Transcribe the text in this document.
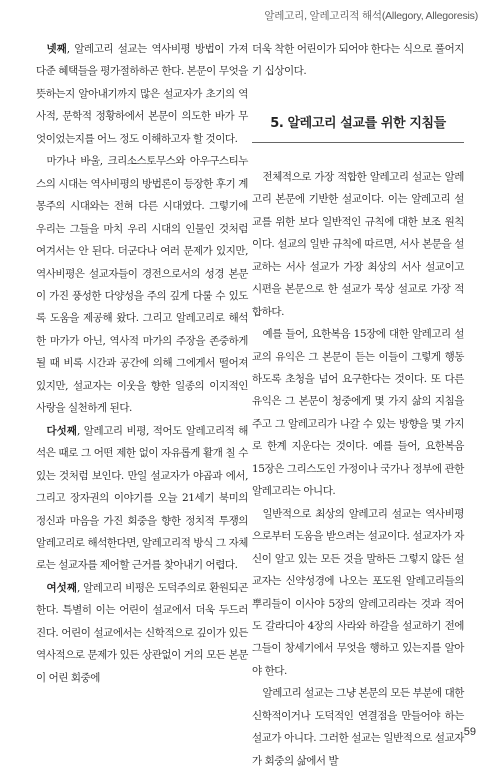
알레고리, 알레고리적 해석(Allegory, Allegoresis)

넷째, 알레고리 설교는 역사비평 방법이 가져다준 혜택들을 평가절하하곤 한다. 본문이 무엇을 뜻하는지 알아내기까지 많은 설교자가 초기의 역사적, 문학적 정황하에서 본문이 의도한 바가 무엇이었는지를 어느 정도 이해하고자 할 것이다.

마가나 바울, 크리소스토무스와 아우구스티누스의 시대는 역사비평의 방법론이 등장한 후기 계몽주의 시대와는 전혀 다른 시대였다. 그렇기에 우리는 그들을 마치 우리 시대의 인물인 것처럼 여겨서는 안 된다. 더군다나 여러 문제가 있지만, 역사비평은 설교자들이 경전으로서의 성경 본문이 가진 풍성한 다양성을 주의 깊게 다룰 수 있도록 도움을 제공해 왔다. 그리고 알레고리로 해석한 마가가 아닌, 역사적 마가의 주장을 존중하게 될 때 비록 시간과 공간에 의해 그에게서 떨어져 있지만, 설교자는 이웃을 향한 일종의 이지적인 사랑을 실천하게 된다.

다섯째, 알레고리 비평, 적어도 알레고리적 해석은 때로 그 어떤 제한 없이 자유롭게 활개 칠 수 있는 것처럼 보인다. 만일 설교자가 야곱과 에서, 그리고 장자권의 이야기를 오늘 21세기 북미의 정신과 마음을 가진 회중을 향한 정치적 투쟁의 알레고리로 해석한다면, 알레고리적 방식 그 자체로는 설교자를 제어할 근거를 찾아내기 어렵다.

여섯째, 알레고리 비평은 도덕주의로 환원되곤 한다. 특별히 이는 어린이 설교에서 더욱 두드러진다. 어린이 설교에서는 신학적으로 깊이가 있든 역사적으로 문제가 있든 상관없이 거의 모든 본문이 어린 회중에

더욱 착한 어린이가 되어야 한다는 식으로 풀어지기 십상이다.

5. 알레고리 설교를 위한 지침들

전체적으로 가장 적합한 알레고리 설교는 알레고리 본문에 기반한 설교이다. 이는 알레고리 설교를 위한 보다 일반적인 규칙에 대한 보조 원칙이다. 설교의 일반 규칙에 따르면, 서사 본문을 설교하는 서사 설교가 가장 최상의 서사 설교이고 시편을 본문으로 한 설교가 묵상 설교로 가장 적합하다.

예를 들어, 요한복음 15장에 대한 알레고리 설교의 유익은 그 본문이 듣는 이들이 그렇게 행동하도록 초청을 넘어 요구한다는 것이다. 또 다른 유익은 그 본문이 청중에게 몇 가지 삶의 지침을 주고 그 알레고리가 나갈 수 있는 방향을 몇 가지로 한계 지운다는 것이다. 예를 들어, 요한복음 15장은 그리스도인 가정이나 국가나 정부에 관한 알레고리는 아니다.

일반적으로 최상의 알레고리 설교는 역사비평으로부터 도움을 받으려는 설교이다. 설교자가 자신이 알고 있는 모든 것을 말하든 그렇지 않든 설교자는 신약성경에 나오는 포도원 알레고리들의 뿌리들이 이사야 5장의 알레고리라는 것과 적어도 갈라디아 4장의 사라와 하갈을 설교하기 전에 그들이 창세기에서 무엇을 행하고 있는지를 알아야 한다.

알레고리 설교는 그냥 본문의 모든 부분에 대한 신학적이거나 도덕적인 연결점을 만들어야 하는 설교가 아니다. 그러한 설교는 일반적으로 설교자가 회중의 삶에서 발

59
